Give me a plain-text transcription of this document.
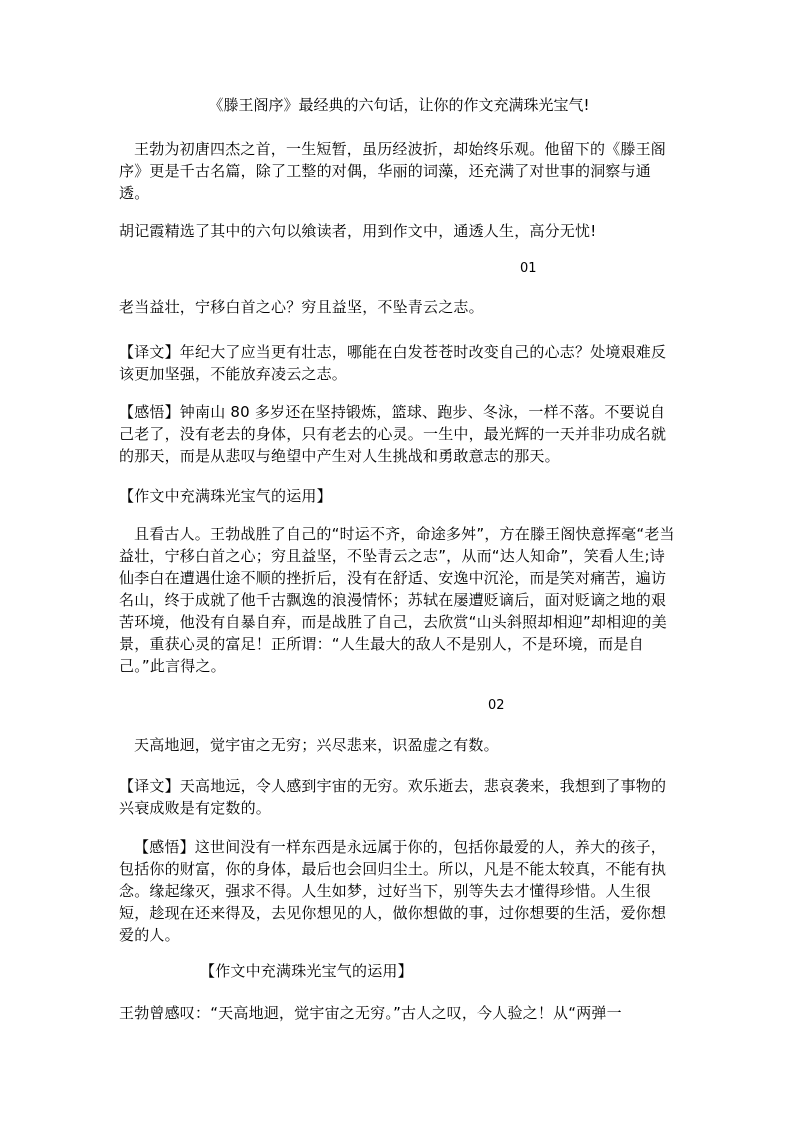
《滕王阁序》最经典的六句话，让你的作文充满珠光宝气!
王勃为初唐四杰之首，一生短暂，虽历经波折，却始终乐观。他留下的《滕王阁序》更是千古名篇，除了工整的对偶，华丽的词藻，还充满了对世事的洞察与通透。
胡记霞精选了其中的六句以飨读者，用到作文中，通透人生，高分无忧!
01
老当益壮，宁移白首之心？穷且益坚，不坠青云之志。
【译文】年纪大了应当更有壮志，哪能在白发苍苍时改变自己的心志？处境艰难反该更加坚强，不能放弃凌云之志。
【感悟】钟南山 80 多岁还在坚持锻炼，篮球、跑步、冬泳，一样不落。不要说自己老了，没有老去的身体，只有老去的心灵。一生中，最光辉的一天并非功成名就的那天，而是从悲叹与绝望中产生对人生挑战和勇敢意志的那天。
【作文中充满珠光宝气的运用】
且看古人。王勃战胜了自己的“时运不齐，命途多舛”，方在滕王阁快意挥毫“老当益壮，宁移白首之心；穷且益坚，不坠青云之志”，从而“达人知命”，笑看人生;诗仙李白在遭遇仕途不顺的挫折后，没有在舒适、安逸中沉沦，而是笑对痛苦，遍访名山，终于成就了他千古飘逸的浪漫情怀；苏轼在屡遭贬谪后，面对贬谪之地的艰苦环境，他没有自暴自弃，而是战胜了自己，去欣赏“山头斜照却相迎”却相迎的美景，重获心灵的富足！正所谓：“人生最大的敌人不是别人，不是环境，而是自己。”此言得之。
02
天高地迥，觉宇宙之无穷；兴尽悲来，识盈虚之有数。
【译文】天高地远，令人感到宇宙的无穷。欢乐逝去，悲哀袭来，我想到了事物的兴衰成败是有定数的。
【感悟】这世间没有一样东西是永远属于你的，包括你最爱的人，养大的孩子，包括你的财富，你的身体，最后也会回归尘土。所以，凡是不能太较真，不能有执念。缘起缘灭，强求不得。人生如梦，过好当下，别等失去才懂得珍惜。人生很短，趁现在还来得及，去见你想见的人，做你想做的事，过你想要的生活，爱你想爱的人。
【作文中充满珠光宝气的运用】
王勃曾感叹：“天高地迥，觉宇宙之无穷。”古人之叹，今人验之！从“两弹一
